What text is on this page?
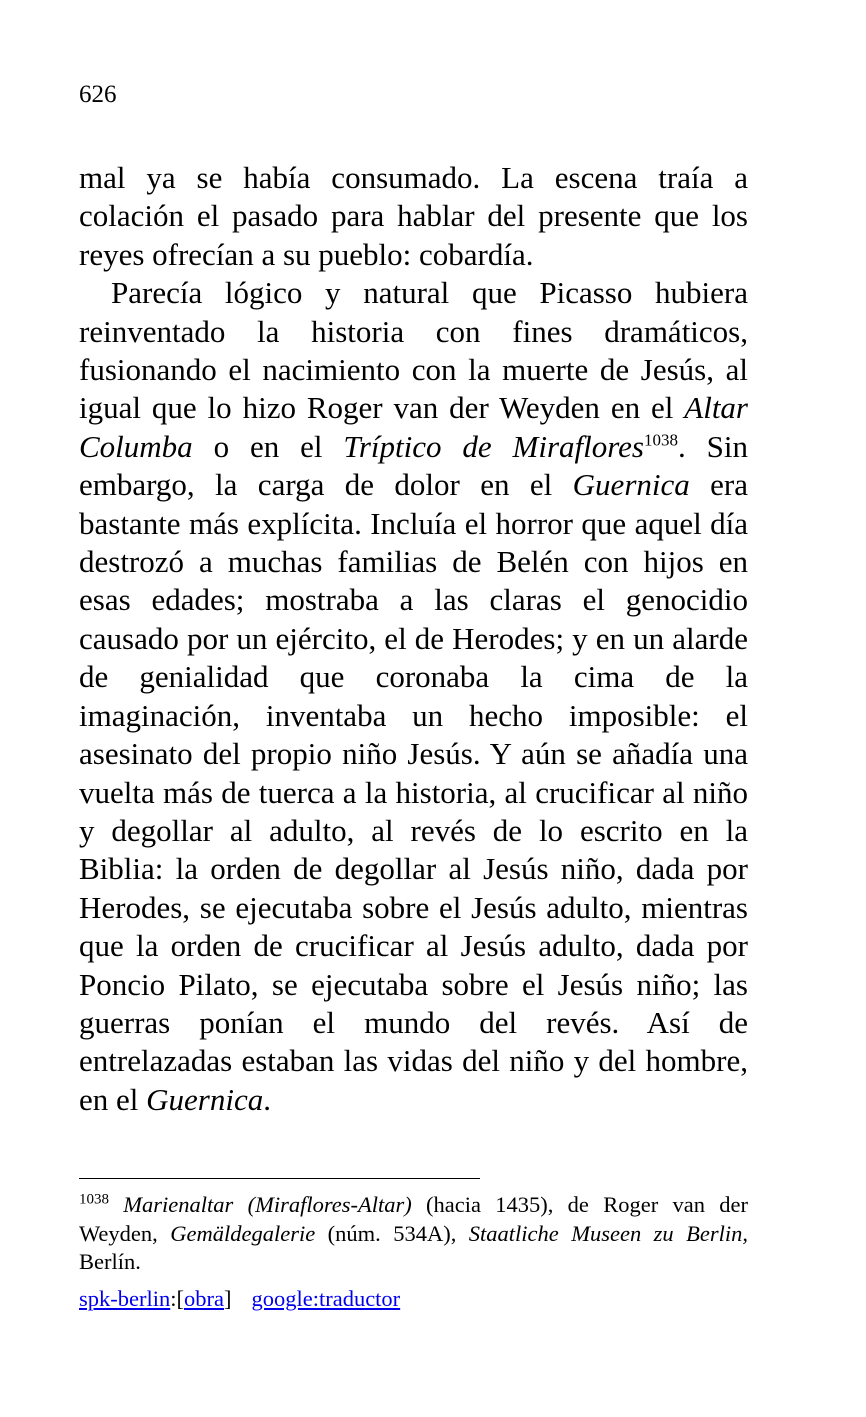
626

mal ya se había consumado. La escena traía a colación el pasado para hablar del presente que los reyes ofrecían a su pueblo: cobardía.

Parecía lógico y natural que Picasso hubiera reinventado la historia con fines dramáticos, fusionando el nacimiento con la muerte de Jesús, al igual que lo hizo Roger van der Weyden en el Altar Columba o en el Tríptico de Miraflores$^{1038}$. Sin embargo, la carga de dolor en el Guernica era bastante más explícita. Incluía el horror que aquel día destrozó a muchas familias de Belén con hijos en esas edades; mostraba a las claras el genocidio causado por un ejército, el de Herodes; y en un alarde de genialidad que coronaba la cima de la imaginación, inventaba un hecho imposible: el asesinato del propio niño Jesús. Y aún se añadía una vuelta más de tuerca a la historia, al crucificar al niño y degollar al adulto, al revés de lo escrito en la Biblia: la orden de degollar al Jesús niño, dada por Herodes, se ejecutaba sobre el Jesús adulto, mientras que la orden de crucificar al Jesús adulto, dada por Poncio Pilato, se ejecutaba sobre el Jesús niño; las guerras ponían el mundo del revés. Así de entrelazadas estaban las vidas del niño y del hombre, en el Guernica.

$^{1038}$ Marienaltar (Miraflores-Altar) (hacia 1435), de Roger van der Weyden, Gemäldegalerie (núm. 534A), Staatliche Museen zu Berlin, Berlín.
spk-berlin:[obra] google:traductor
